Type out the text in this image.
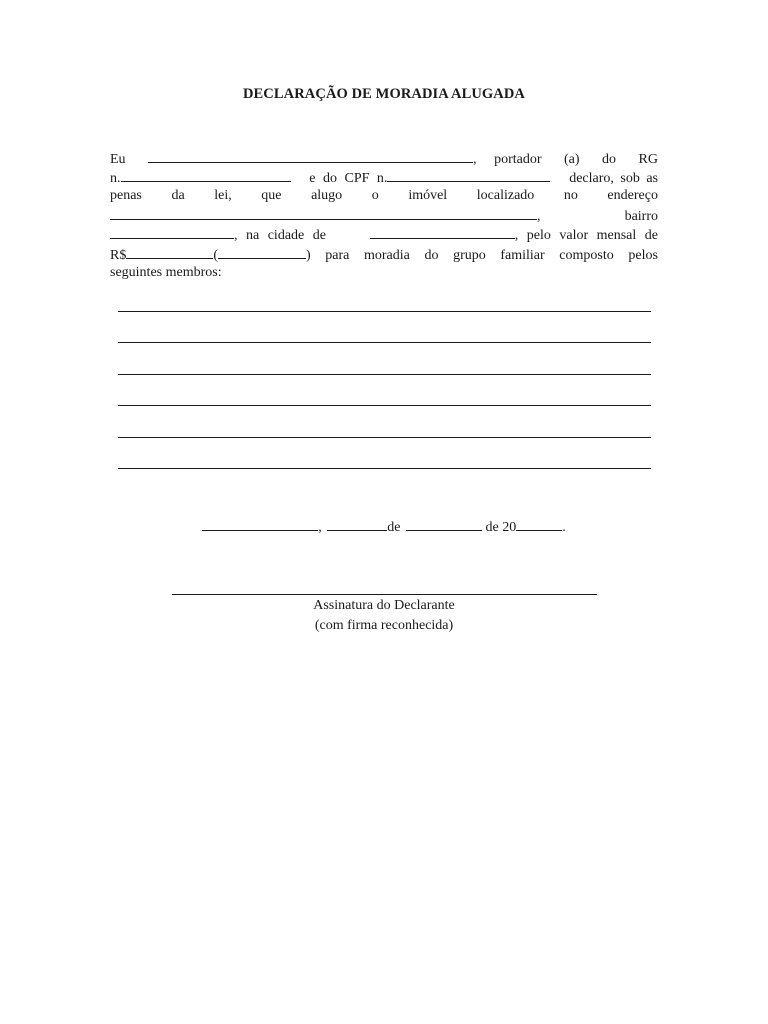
DECLARAÇÃO DE MORADIA ALUGADA
Eu	, portador (a) do RG
n.	e do CPF n.	declaro, sob as
penas da lei, que alugo o imóvel localizado no endereço
,	bairro
, na cidade de	, pelo valor mensal de
R$	(	) para moradia do grupo familiar composto pelos
seguintes membros:
,	de	de 20	.
Assinatura do Declarante
(com firma reconhecida)
